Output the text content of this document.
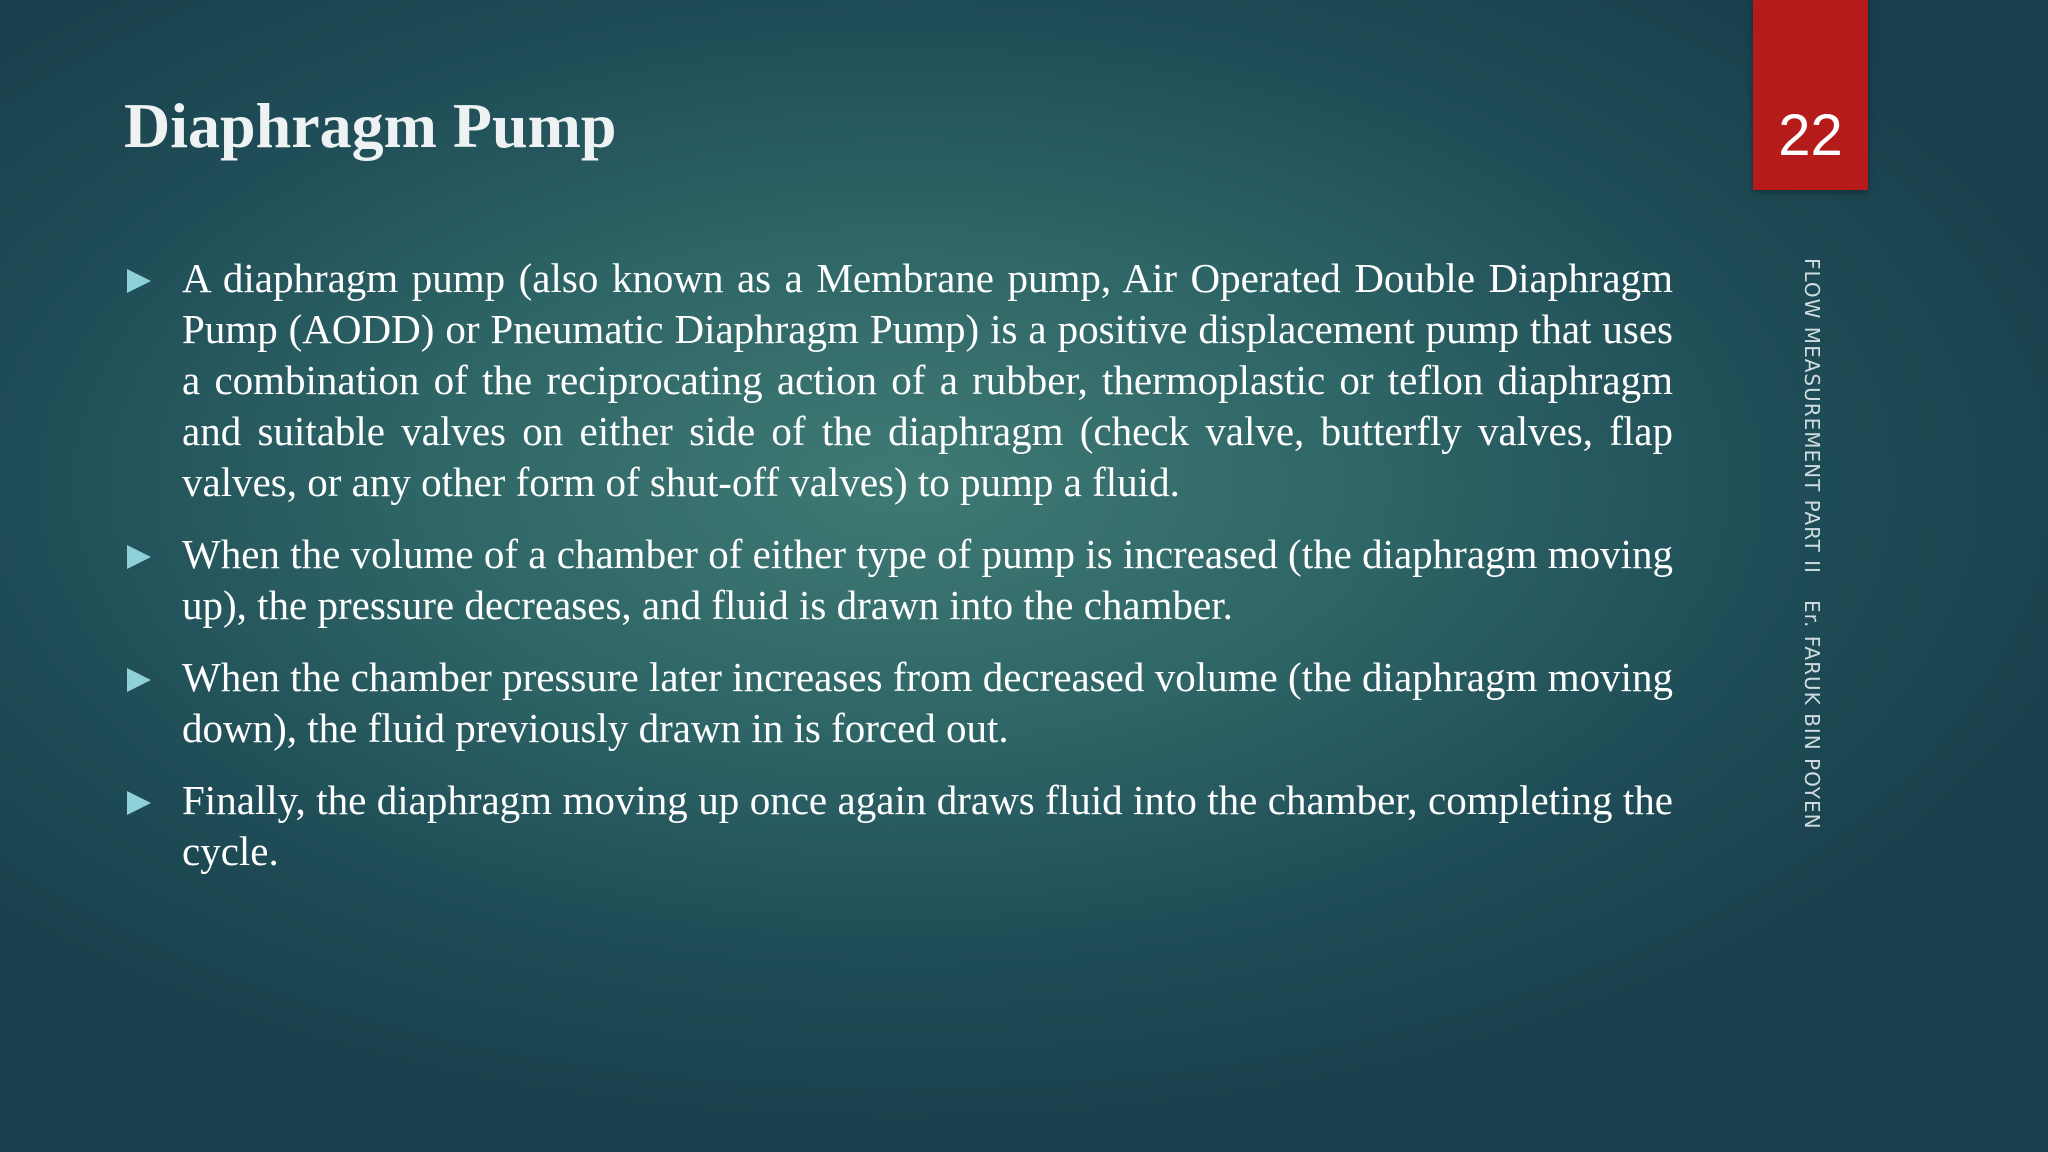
Diaphragm Pump	22
FLOW MEASUREMENT PART IIEr. FARUK BIN POYEN
A diaphragm pump (also known as a Membrane pump, Air Operated Double Diaphragm Pump (AODD) or Pneumatic Diaphragm Pump) is a positive displacement pump that uses a combination of the reciprocating action of a rubber, thermoplastic or teflon diaphragm and suitable valves on either side of the diaphragm (check valve, butterfly valves, flap valves, or any other form of shut-off valves) to pump a fluid.
When the volume of a chamber of either type of pump is increased (the diaphragm moving up), the pressure decreases, and fluid is drawn into the chamber.
When the chamber pressure later increases from decreased volume (the diaphragm moving down), the fluid previously drawn in is forced out.
Finally, the diaphragm moving up once again draws fluid into the chamber, completing the cycle.
